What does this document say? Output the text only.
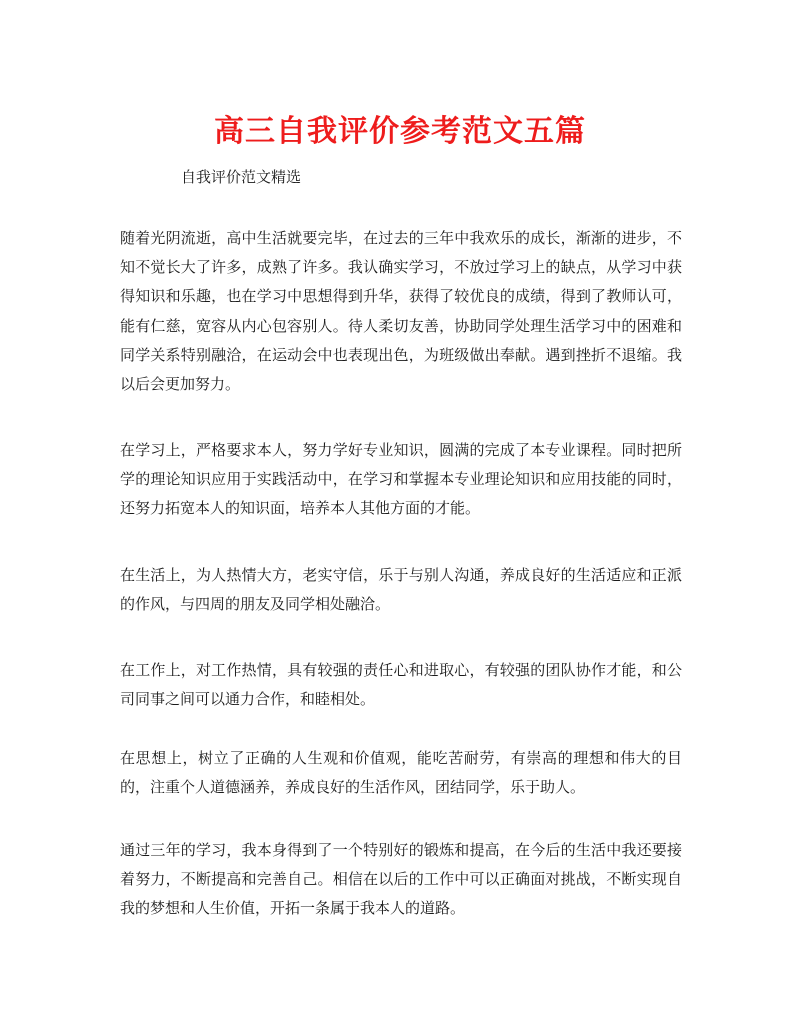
高三自我评价参考范文五篇

自我评价范文精选

随着光阴流逝，高中生活就要完毕，在过去的三年中我欢乐的成长，渐渐的进步，不知不觉长大了许多，成熟了许多。我认确实学习，不放过学习上的缺点，从学习中获得知识和乐趣，也在学习中思想得到升华，获得了较优良的成绩，得到了教师认可，能有仁慈，宽容从内心包容别人。待人柔切友善，协助同学处理生活学习中的困难和同学关系特别融洽，在运动会中也表现出色，为班级做出奉献。遇到挫折不退缩。我以后会更加努力。

在学习上，严格要求本人，努力学好专业知识，圆满的完成了本专业课程。同时把所学的理论知识应用于实践活动中，在学习和掌握本专业理论知识和应用技能的同时，还努力拓宽本人的知识面，培养本人其他方面的才能。

在生活上，为人热情大方，老实守信，乐于与别人沟通，养成良好的生活适应和正派的作风，与四周的朋友及同学相处融洽。

在工作上，对工作热情，具有较强的责任心和进取心，有较强的团队协作才能，和公司同事之间可以通力合作，和睦相处。

在思想上，树立了正确的人生观和价值观，能吃苦耐劳，有崇高的理想和伟大的目的，注重个人道德涵养，养成良好的生活作风，团结同学，乐于助人。

通过三年的学习，我本身得到了一个特别好的锻炼和提高，在今后的生活中我还要接着努力，不断提高和完善自己。相信在以后的工作中可以正确面对挑战，不断实现自我的梦想和人生价值，开拓一条属于我本人的道路。
